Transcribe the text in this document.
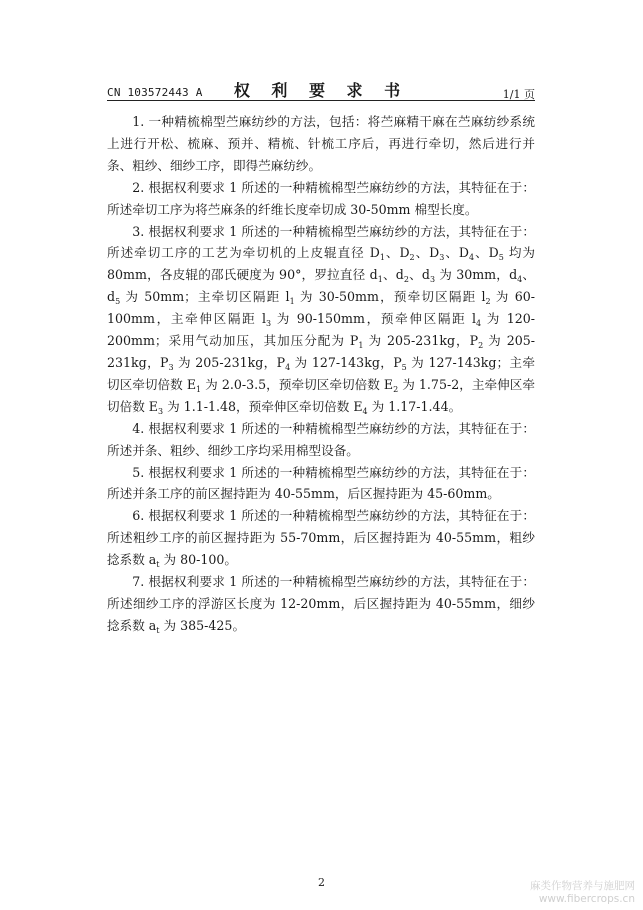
CN 103572443 A	权 利 要 求 书	1/1 页

1. 一种精梳棉型苎麻纺纱的方法，包括：将苎麻精干麻在苎麻纺纱系统上进行开松、梳麻、预并、精梳、针梳工序后，再进行牵切，然后进行并条、粗纱、细纱工序，即得苎麻纺纱。

2. 根据权利要求 1 所述的一种精梳棉型苎麻纺纱的方法，其特征在于：所述牵切工序为将苎麻条的纤维长度牵切成 30-50mm 棉型长度。

3. 根据权利要求 1 所述的一种精梳棉型苎麻纺纱的方法，其特征在于：所述牵切工序的工艺为牵切机的上皮辊直径 $D_1$、$D_2$、$D_3$、$D_4$、$D_5$ 均为 80mm，各皮辊的邵氏硬度为 90°，罗拉直径 $d_1$、$d_2$、$d_3$ 为 30mm，$d_4$、$d_5$ 为 50mm；主牵切区隔距 $l_1$ 为 30-50mm，预牵切区隔距 $l_2$ 为 60-100mm，主牵伸区隔距 $l_3$ 为 90-150mm，预牵伸区隔距 $l_4$ 为 120-200mm；采用气动加压，其加压分配为 $P_1$ 为 205-231kg，$P_2$ 为 205-231kg，$P_3$ 为 205-231kg，$P_4$ 为 127-143kg，$P_5$ 为 127-143kg；主牵切区牵切倍数 $E_1$ 为 2.0-3.5，预牵切区牵切倍数 $E_2$ 为 1.75-2，主牵伸区牵切倍数 $E_3$ 为 1.1-1.48，预牵伸区牵切倍数 $E_4$ 为 1.17-1.44。

4. 根据权利要求 1 所述的一种精梳棉型苎麻纺纱的方法，其特征在于：所述并条、粗纱、细纱工序均采用棉型设备。

5. 根据权利要求 1 所述的一种精梳棉型苎麻纺纱的方法，其特征在于：所述并条工序的前区握持距为 40-55mm，后区握持距为 45-60mm。

6. 根据权利要求 1 所述的一种精梳棉型苎麻纺纱的方法，其特征在于：所述粗纱工序的前区握持距为 55-70mm，后区握持距为 40-55mm，粗纱捻系数 $a_t$ 为 80-100。

7. 根据权利要求 1 所述的一种精梳棉型苎麻纺纱的方法，其特征在于：所述细纱工序的浮游区长度为 12-20mm，后区握持距为 40-55mm，细纱捻系数 $a_t$ 为 385-425。

2	麻类作物营养与施肥网
www.fibercrops.cn
